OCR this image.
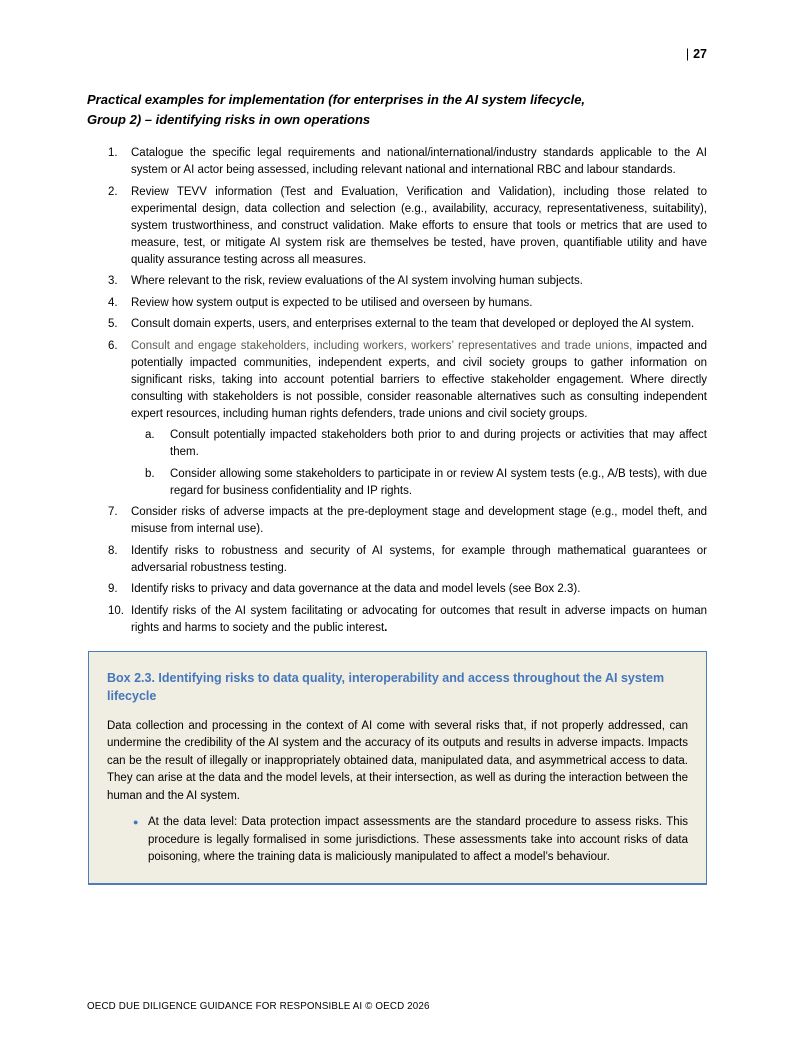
| 27
Practical examples for implementation (for enterprises in the AI system lifecycle,
Group 2) – identifying risks in own operations
1.	Catalogue the specific legal requirements and national/international/industry standards applicable to the AI system or AI actor being assessed, including relevant national and international RBC and labour standards.
2.	Review TEVV information (Test and Evaluation, Verification and Validation), including those related to experimental design, data collection and selection (e.g., availability, accuracy, representativeness, suitability), system trustworthiness, and construct validation. Make efforts to ensure that tools or metrics that are used to measure, test, or mitigate AI system risk are themselves be tested, have proven, quantifiable utility and have quality assurance testing across all measures.
3.	Where relevant to the risk, review evaluations of the AI system involving human subjects.
4.	Review how system output is expected to be utilised and overseen by humans.
5.	Consult domain experts, users, and enterprises external to the team that developed or deployed the AI system.
6.	Consult and engage stakeholders, including workers, workers’ representatives and trade unions, impacted and potentially impacted communities, independent experts, and civil society groups to gather information on significant risks, taking into account potential barriers to effective stakeholder engagement. Where directly consulting with stakeholders is not possible, consider reasonable alternatives such as consulting independent expert resources, including human rights defenders, trade unions and civil society groups.
a.	Consult potentially impacted stakeholders both prior to and during projects or activities that may affect them.
b.	Consider allowing some stakeholders to participate in or review AI system tests (e.g., A/B tests), with due regard for business confidentiality and IP rights.
7.	Consider risks of adverse impacts at the pre-deployment stage and development stage (e.g., model theft, and misuse from internal use).
8.	Identify risks to robustness and security of AI systems, for example through mathematical guarantees or adversarial robustness testing.
9.	Identify risks to privacy and data governance at the data and model levels (see Box 2.3).
10. Identify risks of the AI system facilitating or advocating for outcomes that result in adverse impacts on human rights and harms to society and the public interest.
Box 2.3. Identifying risks to data quality, interoperability and access throughout the AI system lifecycle
Data collection and processing in the context of AI come with several risks that, if not properly addressed, can undermine the credibility of the AI system and the accuracy of its outputs and results in adverse impacts. Impacts can be the result of illegally or inappropriately obtained data, manipulated data, and asymmetrical access to data. They can arise at the data and the model levels, at their intersection, as well as during the interaction between the human and the AI system.
● At the data level: Data protection impact assessments are the standard procedure to assess risks. This procedure is legally formalised in some jurisdictions. These assessments take into account risks of data poisoning, where the training data is maliciously manipulated to affect a model’s behaviour.
OECD DUE DILIGENCE GUIDANCE FOR RESPONSIBLE AI © OECD 2026
